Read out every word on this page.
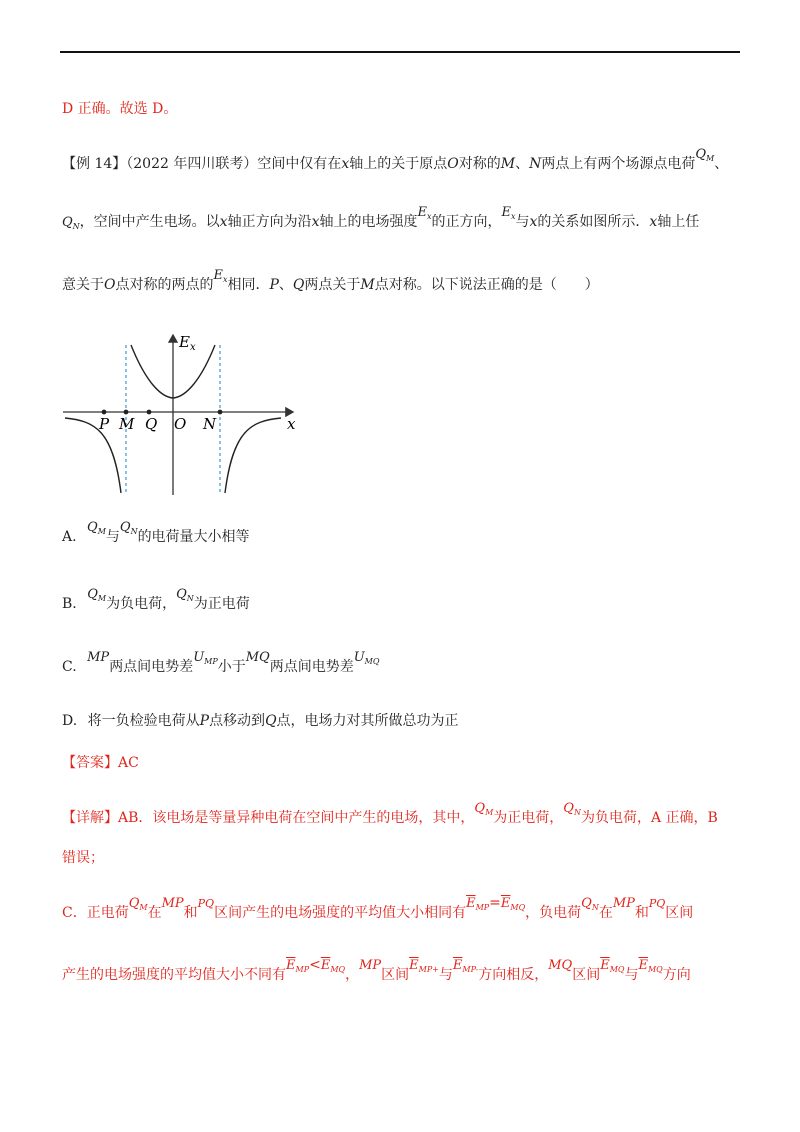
D 正确。故选 D。
【例 14】（2022 年四川联考）空间中仅有在x轴上的关于原点O对称的M、N两点上有两个场源点电荷$Q_M$、
$Q_N$，空间中产生电场。以x轴正方向为沿x轴上的电场强度$E_x$的正方向，$E_x$与x的关系如图所示．x轴上任
意关于O点对称的两点的$E_x$相同．P、Q两点关于M点对称。以下说法正确的是（　　）
$E_x$
x
P M Q O N
A. $Q_M$与$Q_N$的电荷量大小相等
B. $Q_M$为负电荷，$Q_N$为正电荷
C. MP两点间电势差$U_{MP}$小于MQ两点间电势差$U_{MQ}$
D. 将一负检验电荷从P点移动到Q点，电场力对其所做总功为正
【答案】AC
【详解】AB．该电场是等量异种电荷在空间中产生的电场，其中，$Q_M$为正电荷，$Q_N$为负电荷，A 正确，B
错误；
C．正电荷$Q_M$在MP和$^{PQ}$区间产生的电场强度的平均值大小相同有$\overline{E}_{MP}=\overline{E}_{MQ}$，负电荷$Q_N$在MP和$^{PQ}$区间
产生的电场强度的平均值大小不同有$\overline{E}_{MP}<\overline{E}_{MQ}$，MP区间$\overline{E}_{MP+}$与$\overline{E}_{MP-}$方向相反，MQ区间$\overline{E}_{MQ}$与$\overline{E}_{MQ}$方向
